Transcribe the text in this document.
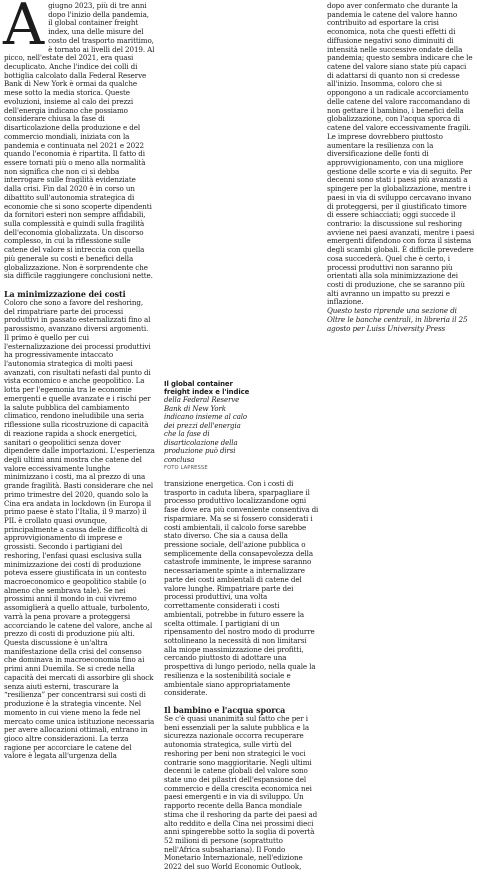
A giugno 2023, più di tre anni dopo l'inizio della pandemia, il global container freight index, una delle misure del costo del trasporto marittimo, è tornato ai livelli del 2019. Al picco, nell'estate del 2021, era quasi decuplicato. Anche l'indice dei colli di bottiglia calcolato dalla Federal Reserve Bank di New York è ormai da qualche mese sotto la media storica. Queste evoluzioni, insieme al calo dei prezzi dell'energia indicano che possiamo considerare chiusa la fase di disarticolazione della produzione e del commercio mondiali, iniziata con la pandemia e continuata nel 2021 e 2022 quando l'economia è ripartita. Il fatto di essere tornati più o meno alla normalità non significa che non ci si debba interrogare sulle fragilità evidenziate dalla crisi. Fin dal 2020 è in corso un dibattito sull'autonomia strategica di economie che si sono scoperte dipendenti da fornitori esteri non sempre affidabili, sulla complessità e quindi sulla fragilità dell'economia globalizzata. Un discorso complesso, in cui la riflessione sulle catene del valore si intreccia con quella più generale su costi e benefici della globalizzazione. Non è sorprendente che sia difficile raggiungere conclusioni nette.

La minimizzazione dei costi

Coloro che sono a favore del reshoring, del rimpatriare parte dei processi produttivi in passato esternalizzati fino al parossismo, avanzano diversi argomenti. Il primo è quello per cui l'esternalizzazione dei processi produttivi ha progressivamente intaccato l'autonomia strategica di molti paesi avanzati, con risultati nefasti dal punto di vista economico e anche geopolitico. La lotta per l'egemonia tra le economie emergenti e quelle avanzate e i rischi per la salute pubblica del cambiamento climatico, rendono ineludibile una seria riflessione sulla ricostruzione di capacità di reazione rapida a shock energetici, sanitari o geopolitici senza dover dipendere dalle importazioni. L'esperienza degli ultimi anni mostra che catene del valore eccessivamente lunghe minimizzano i costi, ma al prezzo di una grande fragilità. Basti considerare che nel primo trimestre del 2020, quando solo la Cina era andata in lockdown (in Europa il primo paese è stato l'Italia, il 9 marzo) il PIL è crollato quasi ovunque, principalmente a causa delle difficoltà di approvvigionamento di imprese e grossisti. Secondo i partigiani del reshoring, l'enfasi quasi esclusiva sulla minimizzazione dei costi di produzione poteva essere giustificata in un contesto macroeconomico e geopolitico stabile (o almeno che sembrava tale). Se nei prossimi anni il mondo in cui vivremo assomiglierà a quello attuale, turbolento, varrà la pena provare a proteggersi accorciando le catene del valore, anche al prezzo di costi di produzione più alti. Questa discussione è un'altra manifestazione della crisi del consenso che dominava in macroeconomia fino ai primi anni Duemila. Se si crede nella capacità dei mercati di assorbire gli shock senza aiuti esterni, trascurare la “resilienza” per concentrarsi sui costi di produzione è la strategia vincente. Nel momento in cui viene meno la fede nel mercato come unica istituzione necessaria per avere allocazioni ottimali, entrano in gioco altre considerazioni. La terza ragione per accorciare le catene del valore è legata all'urgenza della

Il global container freight index e l'indice
della Federal Reserve Bank di New York indicano insieme al calo dei prezzi dell'energia che la fase di disarticolazione della produzione può dirsi conclusa
FOTO LAPRESSE

transizione energetica. Con i costi di trasporto in caduta libera, sparpagliare il processo produttivo localizzandone ogni fase dove era più conveniente consentiva di risparmiare. Ma se si fossero considerati i costi ambientali, il calcolo forse sarebbe stato diverso. Che sia a causa della pressione sociale, dell'azione pubblica o semplicemente della consapevolezza della catastrofe imminente, le imprese saranno necessariamente spinte a internalizzare parte dei costi ambientali di catene del valore lunghe. Rimpatriare parte dei processi produttivi, una volta correttamente considerati i costi ambientali, potrebbe in futuro essere la scelta ottimale. I partigiani di un ripensamento del nostro modo di produrre sottolineano la necessità di non limitarsi alla miope massimizzazione dei profitti, cercando piuttosto di adottare una prospettiva di lungo periodo, nella quale la resilienza e la sostenibilità sociale e ambientale siano appropriatamente considerate.

Il bambino e l'acqua sporca

Se c'è quasi unanimità sul fatto che per i beni essenziali per la salute pubblica e la sicurezza nazionale occorra recuperare autonomia strategica, sulle virtù del reshoring per beni non strategici le voci contrarie sono maggioritarie. Negli ultimi decenni le catene globali del valore sono state uno dei pilastri dell'espansione del commercio e della crescita economica nei paesi emergenti e in via di sviluppo. Un rapporto recente della Banca mondiale stima che il reshoring da parte dei paesi ad alto reddito e della Cina nei prossimi dieci anni spingerebbe sotto la soglia di povertà 52 milioni di persone (soprattutto nell'Africa subsahariana). Il Fondo Monetario Internazionale, nell'edizione 2022 del suo World Economic Outlook,

dopo aver confermato che durante la pandemia le catene del valore hanno contribuito ad esportare la crisi economica, nota che questi effetti di diffusione negativi sono diminuiti di intensità nelle successive ondate della pandemia; questo sembra indicare che le catene del valore siano state più capaci di adattarsi di quanto non si credesse all'inizio. Insomma, coloro che si oppongono a un radicale accorciamento delle catene del valore raccomandano di non gettare il bambino, i benefici della globalizzazione, con l'acqua sporca di catene del valore eccessivamente fragili. Le imprese dovrebbero piuttosto aumentare la resilienza con la diversificazione delle fonti di approvvigionamento, con una migliore gestione delle scorte e via di seguito. Per decenni sono stati i paesi più avanzati a spingere per la globalizzazione, mentre i paesi in via di sviluppo cercavano invano di proteggersi, per il giustificato timore di essere schiacciati; oggi succede il contrario: la discussione sul reshoring avviene nei paesi avanzati, mentre i paesi emergenti difendono con forza il sistema degli scambi globali. È difficile prevedere cosa succederà. Quel che è certo, i processi produttivi non saranno più orientati alla sola minimizzazione dei costi di produzione, che se saranno più alti avranno un impatto su prezzi e inflazione.

Questo testo riprende una sezione di Oltre le banche centrali, in libreria il 25 agosto per Luiss University Press
